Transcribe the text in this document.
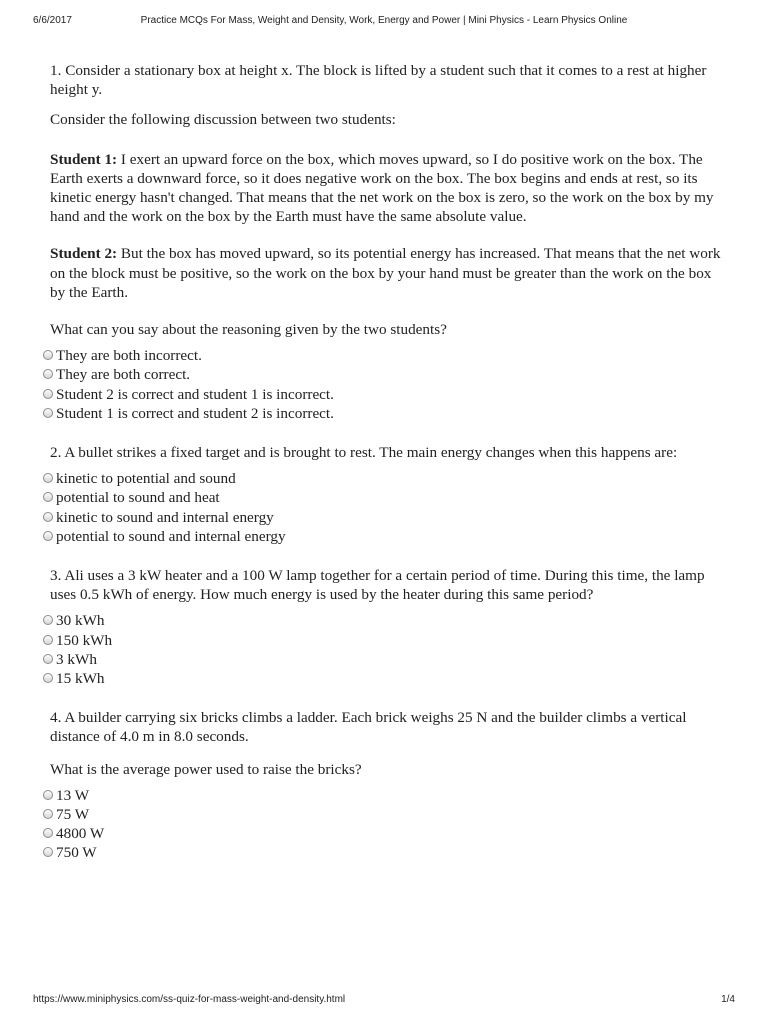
6/6/2017	Practice MCQs For Mass, Weight and Density, Work, Energy and Power | Mini Physics - Learn Physics Online

1. Consider a stationary box at height x. The block is lifted by a student such that it comes to a rest at higher height y.

Consider the following discussion between two students:

Student 1: I exert an upward force on the box, which moves upward, so I do positive work on the box. The Earth exerts a downward force, so it does negative work on the box. The box begins and ends at rest, so its kinetic energy hasn't changed. That means that the net work on the box is zero, so the work on the box by my hand and the work on the box by the Earth must have the same absolute value.

Student 2: But the box has moved upward, so its potential energy has increased. That means that the net work on the block must be positive, so the work on the box by your hand must be greater than the work on the box by the Earth.

What can you say about the reasoning given by the two students?

They are both incorrect.
They are both correct.
Student 2 is correct and student 1 is incorrect.
Student 1 is correct and student 2 is incorrect.

2. A bullet strikes a fixed target and is brought to rest. The main energy changes when this happens are:

kinetic to potential and sound
potential to sound and heat
kinetic to sound and internal energy
potential to sound and internal energy

3. Ali uses a 3 kW heater and a 100 W lamp together for a certain period of time. During this time, the lamp uses 0.5 kWh of energy. How much energy is used by the heater during this same period?

30 kWh
150 kWh
3 kWh
15 kWh

4. A builder carrying six bricks climbs a ladder. Each brick weighs 25 N and the builder climbs a vertical distance of 4.0 m in 8.0 seconds.

What is the average power used to raise the bricks?

13 W
75 W
4800 W
750 W
https://www.miniphysics.com/ss-quiz-for-mass-weight-and-density.html	1/4
